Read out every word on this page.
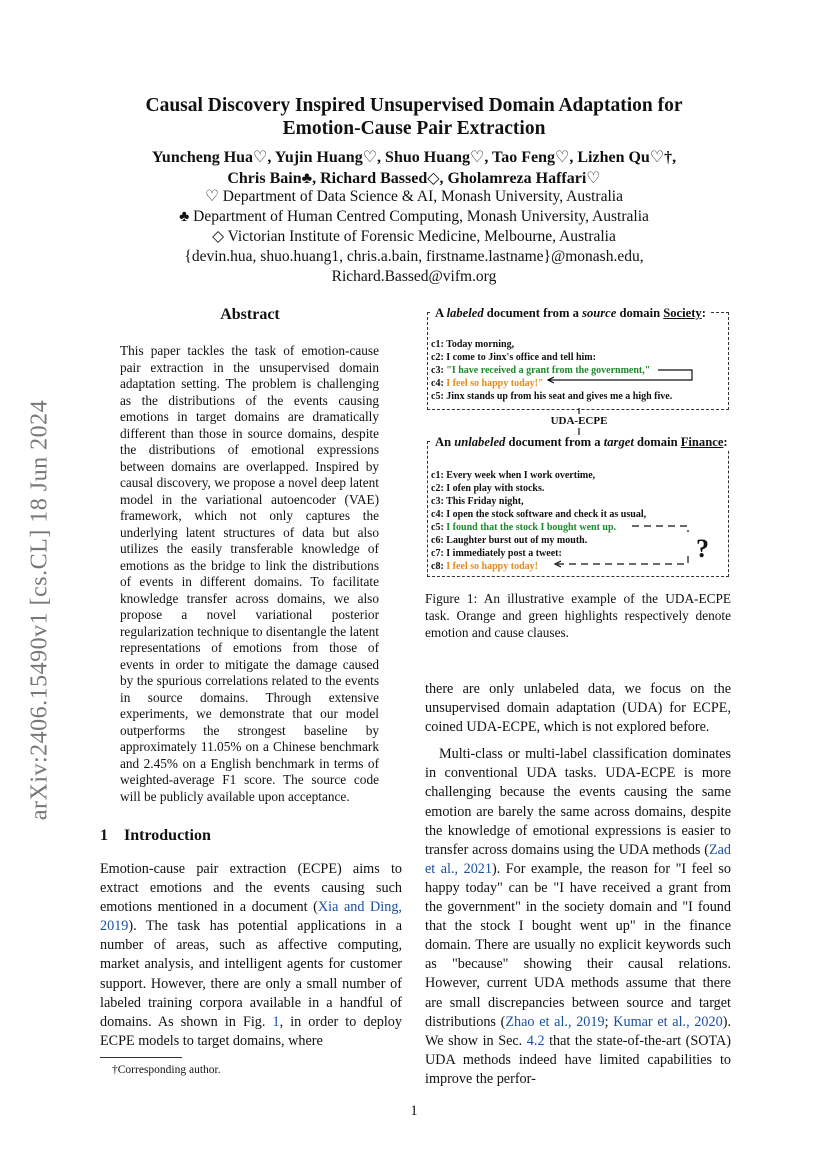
Causal Discovery Inspired Unsupervised Domain Adaptation for
Emotion-Cause Pair Extraction
Yuncheng Hua♡, Yujin Huang♡, Shuo Huang♡, Tao Feng♡, Lizhen Qu♡†,
Chris Bain♣, Richard Bassed◇, Gholamreza Haffari♡
♡ Department of Data Science & AI, Monash University, Australia
♣ Department of Human Centred Computing, Monash University, Australia
◇ Victorian Institute of Forensic Medicine, Melbourne, Australia
{devin.hua, shuo.huang1, chris.a.bain, firstname.lastname}@monash.edu,
Richard.Bassed@vifm.org
arXiv:2406.15490v1 [cs.CL] 18 Jun 2024
Abstract
This paper tackles the task of emotion-cause pair extraction in the unsupervised domain adaptation setting. The problem is challenging as the distributions of the events causing emotions in target domains are dramatically different than those in source domains, despite the distributions of emotional expressions between domains are overlapped. Inspired by causal discovery, we propose a novel deep latent model in the variational autoencoder (VAE) framework, which not only captures the underlying latent structures of data but also utilizes the easily transferable knowledge of emotions as the bridge to link the distributions of events in different domains. To facilitate knowledge transfer across domains, we also propose a novel variational posterior regularization technique to disentangle the latent representations of emotions from those of events in order to mitigate the damage caused by the spurious correlations related to the events in source domains. Through extensive experiments, we demonstrate that our model outperforms the strongest baseline by approximately 11.05% on a Chinese benchmark and 2.45% on a English benchmark in terms of weighted-average F1 score. The source code will be publicly available upon acceptance.
1 Introduction
Emotion-cause pair extraction (ECPE) aims to extract emotions and the events causing such emotions mentioned in a document (Xia and Ding, 2019). The task has potential applications in a number of areas, such as affective computing, market analysis, and intelligent agents for customer support. However, there are only a small number of labeled training corpora available in a handful of domains. As shown in Fig. 1, in order to deploy ECPE models to target domains, where
†Corresponding author.
1
A labeled document from a source domain Society:
c1: Today morning,
c2: I come to Jinx's office and tell him:
c3: "I have received a grant from the government,"
c4: I feel so happy today!"
c5: Jinx stands up from his seat and gives me a high five.
UDA-ECPE
An unlabeled document from a target domain Finance:
c1: Every week when I work overtime,
c2: I ofen play with stocks.
c3: This Friday night,
c4: I open the stock software and check it as usual,
c5: I found that the stock I bought went up.
c6: Laughter burst out of my mouth.
c7: I immediately post a tweet:
c8: I feel so happy today!
?
Figure 1: An illustrative example of the UDA-ECPE task. Orange and green highlights respectively denote emotion and cause clauses.

there are only unlabeled data, we focus on the unsupervised domain adaptation (UDA) for ECPE, coined UDA-ECPE, which is not explored before.

Multi-class or multi-label classification dominates in conventional UDA tasks. UDA-ECPE is more challenging because the events causing the same emotion are barely the same across domains, despite the knowledge of emotional expressions is easier to transfer across domains using the UDA methods (Zad et al., 2021). For example, the reason for "I feel so happy today" can be "I have received a grant from the government" in the society domain and "I found that the stock I bought went up" in the finance domain. There are usually no explicit keywords such as "because" showing their causal relations. However, current UDA methods assume that there are small discrepancies between source and target distributions (Zhao et al., 2019; Kumar et al., 2020). We show in Sec. 4.2 that the state-of-the-art (SOTA) UDA methods indeed have limited capabilities to improve the perfor-
